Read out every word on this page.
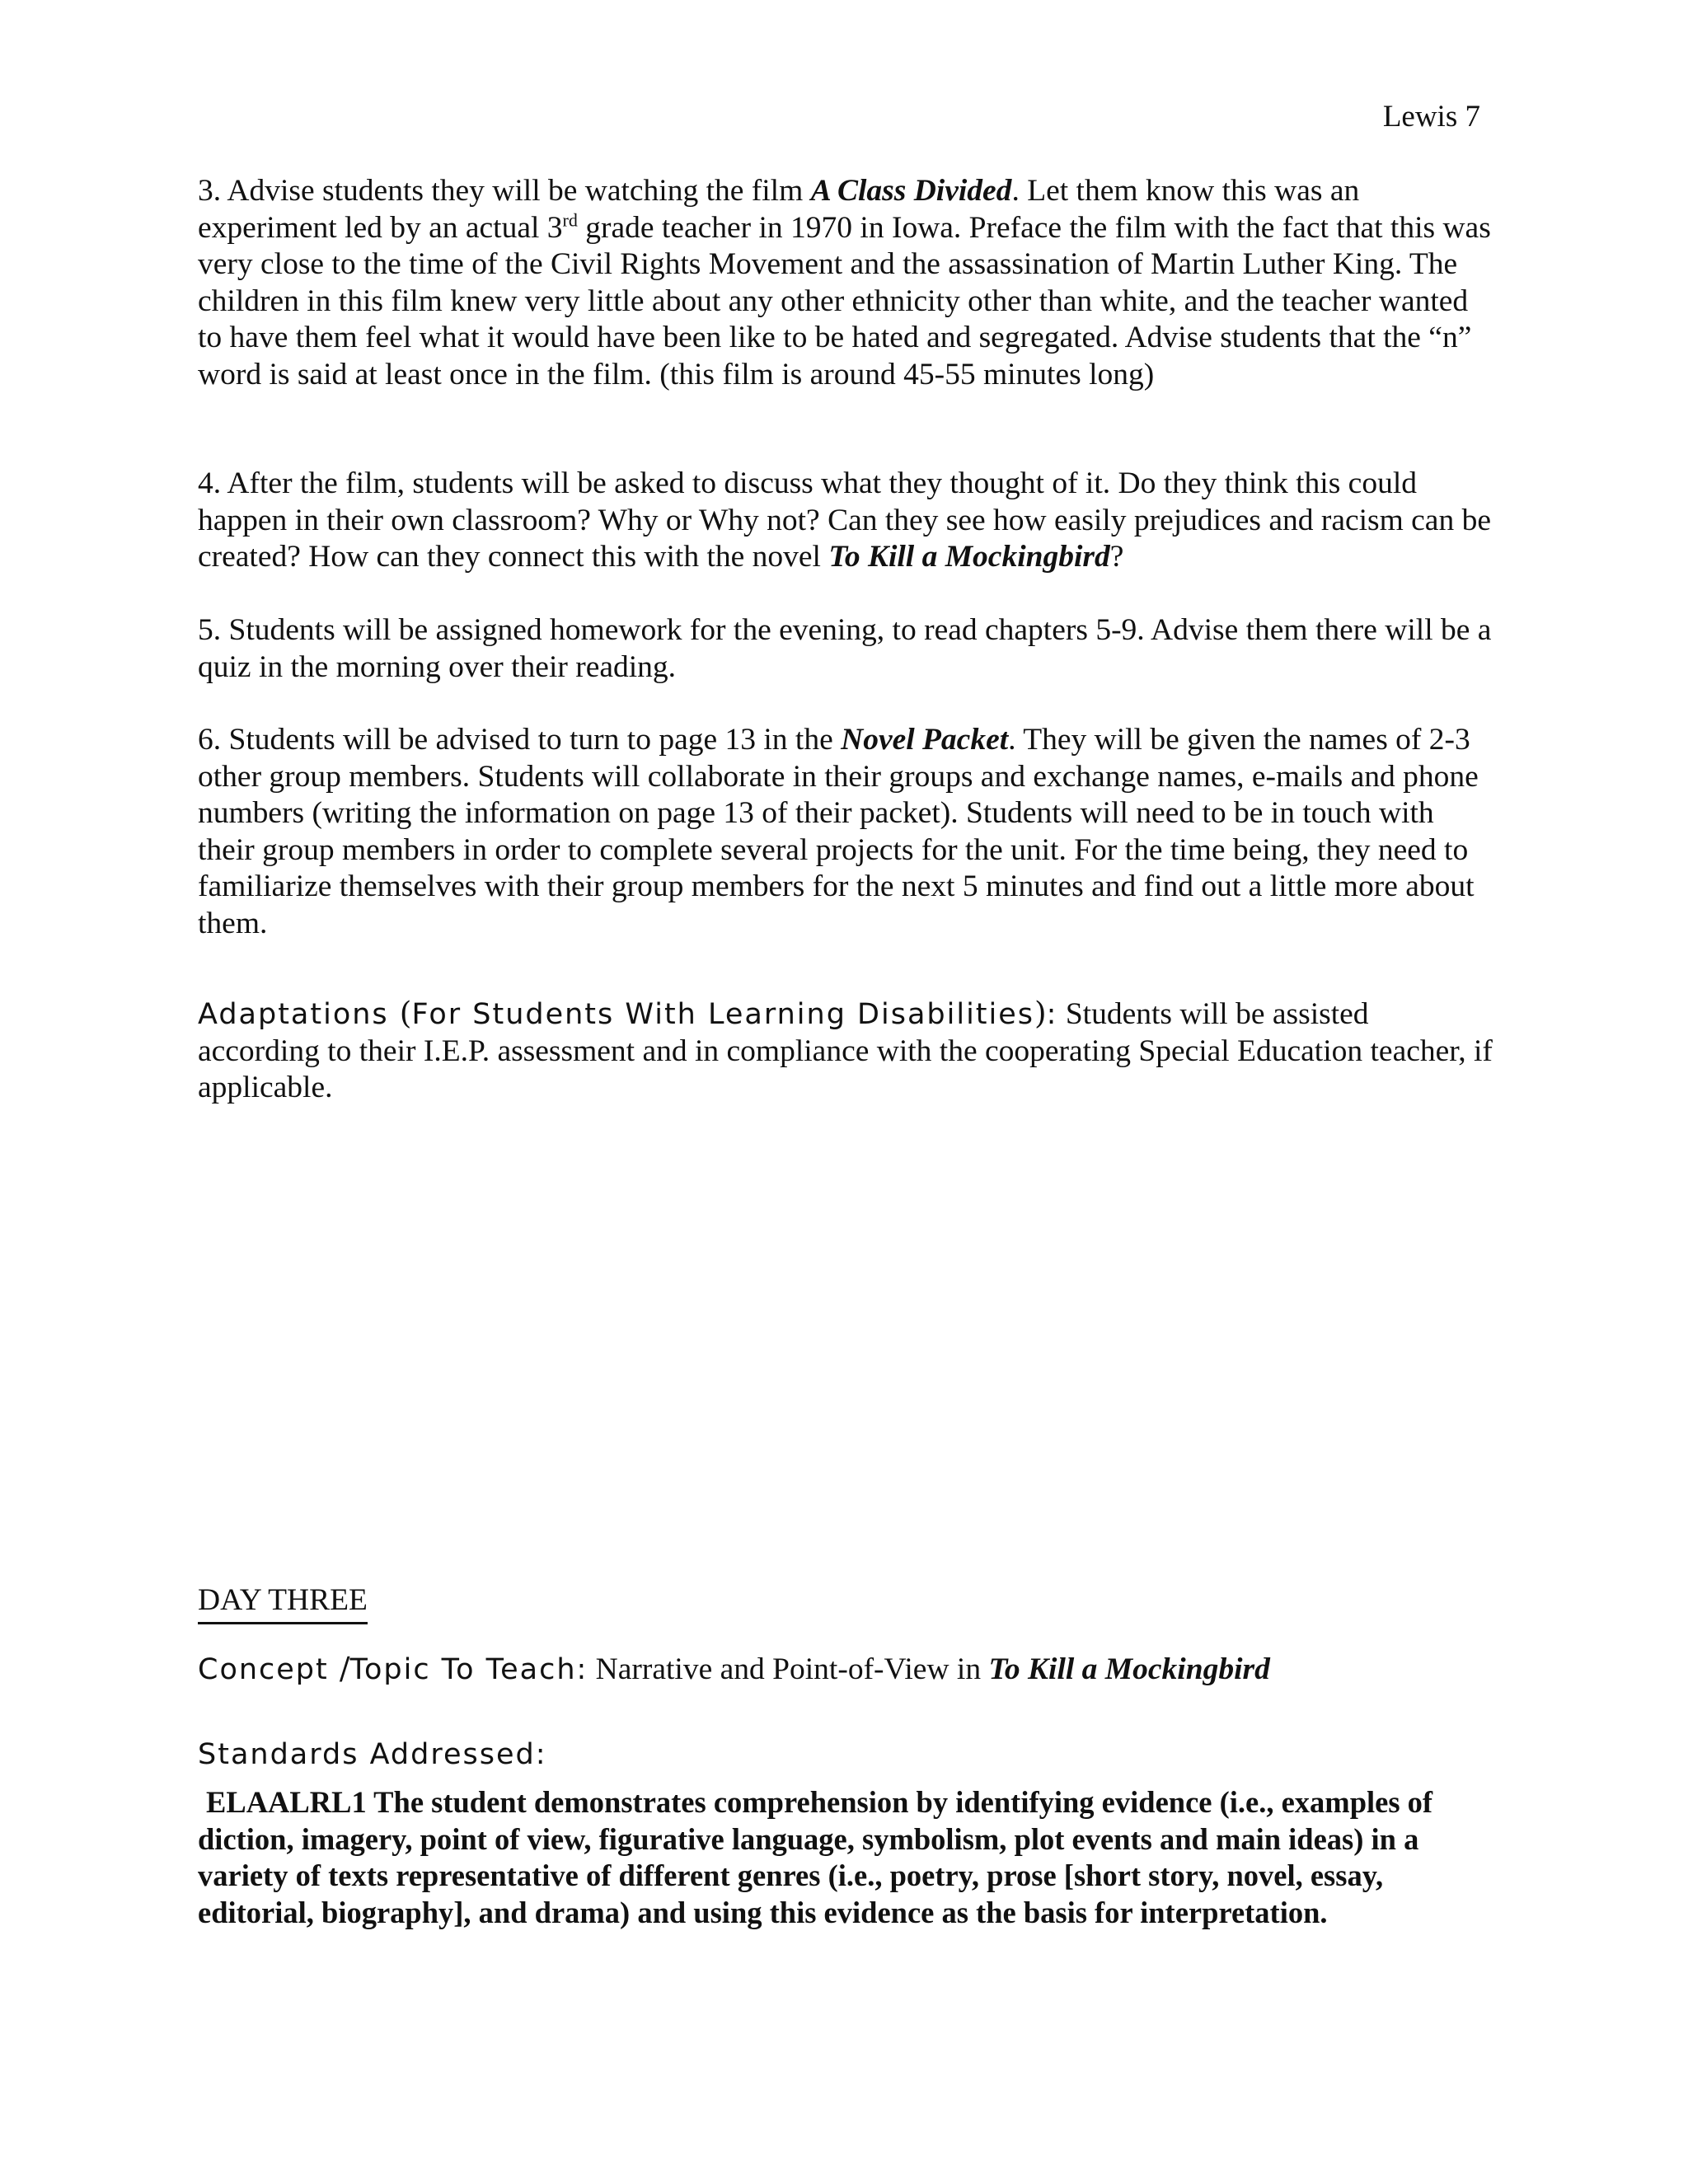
Lewis 7

3. Advise students they will be watching the film A Class Divided. Let them know this was an experiment led by an actual 3rd grade teacher in 1970 in Iowa. Preface the film with the fact that this was very close to the time of the Civil Rights Movement and the assassination of Martin Luther King. The children in this film knew very little about any other ethnicity other than white, and the teacher wanted to have them feel what it would have been like to be hated and segregated. Advise students that the “n” word is said at least once in the film. (this film is around 45-55 minutes long)

4. After the film, students will be asked to discuss what they thought of it. Do they think this could happen in their own classroom? Why or Why not? Can they see how easily prejudices and racism can be created? How can they connect this with the novel To Kill a Mockingbird?

5. Students will be assigned homework for the evening, to read chapters 5-9. Advise them there will be a quiz in the morning over their reading.

6. Students will be advised to turn to page 13 in the Novel Packet. They will be given the names of 2-3 other group members. Students will collaborate in their groups and exchange names, e-mails and phone numbers (writing the information on page 13 of their packet). Students will need to be in touch with their group members in order to complete several projects for the unit. For the time being, they need to familiarize themselves with their group members for the next 5 minutes and find out a little more about them.

Adaptations (For Students With Learning Disabilities): Students will be assisted according to their I.E.P. assessment and in compliance with the cooperating Special Education teacher, if applicable.

DAY THREE
Concept /Topic To Teach: Narrative and Point-of-View in To Kill a Mockingbird
Standards Addressed:

ELAALRL1 The student demonstrates comprehension by identifying evidence (i.e., examples of diction, imagery, point of view, figurative language, symbolism, plot events and main ideas) in a variety of texts representative of different genres (i.e., poetry, prose [short story, novel, essay, editorial, biography], and drama) and using this evidence as the basis for interpretation.
